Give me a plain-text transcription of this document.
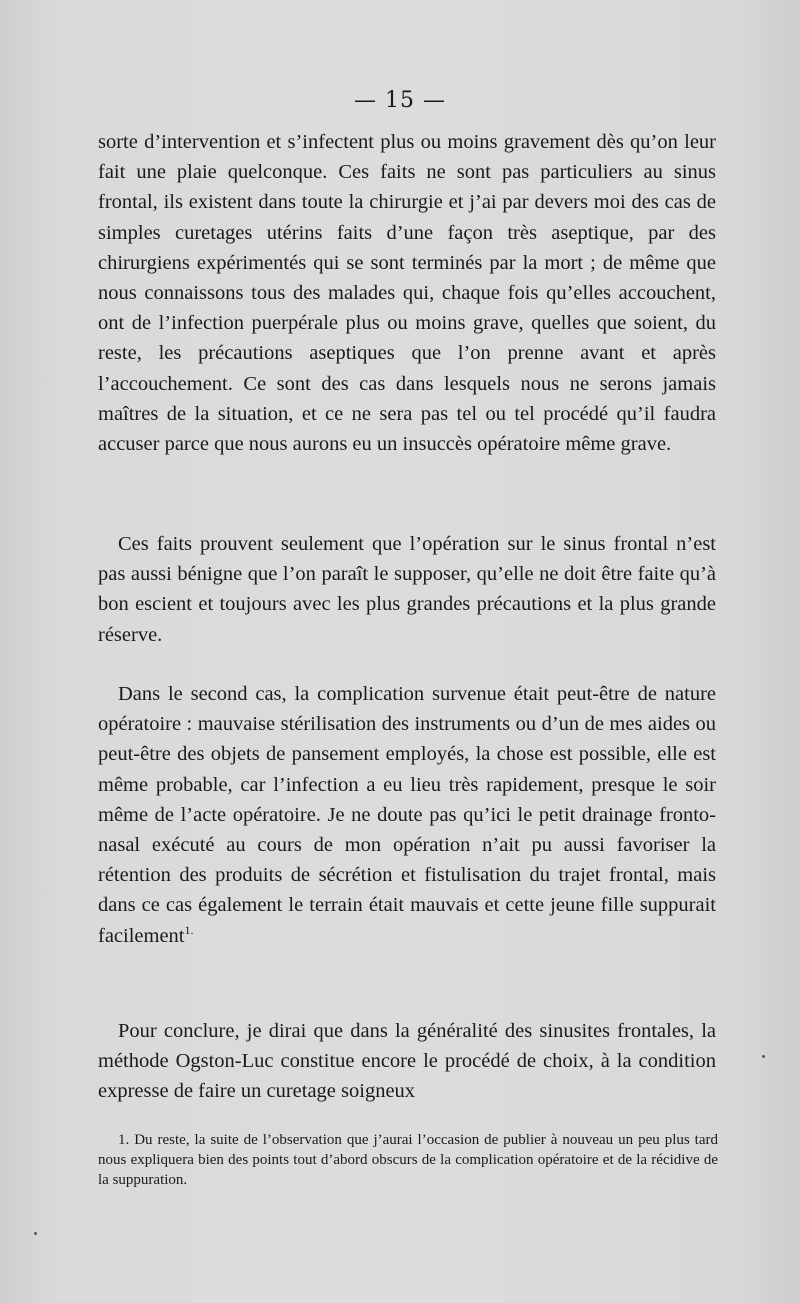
— 15 —

sorte d’intervention et s’infectent plus ou moins gravement dès qu’on leur fait une plaie quelconque. Ces faits ne sont pas particuliers au sinus frontal, ils existent dans toute la chirurgie et j’ai par devers moi des cas de simples curetages utérins faits d’une façon très aseptique, par des chirurgiens expérimentés qui se sont terminés par la mort ; de même que nous connaissons tous des malades qui, chaque fois qu’elles accouchent, ont de l’infection puerpérale plus ou moins grave, quelles que soient, du reste, les précautions aseptiques que l’on prenne avant et après l’accouchement. Ce sont des cas dans lesquels nous ne serons jamais maîtres de la situation, et ce ne sera pas tel ou tel procédé qu’il faudra accuser parce que nous aurons eu un insuccès opératoire même grave.

Ces faits prouvent seulement que l’opération sur le sinus frontal n’est pas aussi bénigne que l’on paraît le supposer, qu’elle ne doit être faite qu’à bon escient et toujours avec les plus grandes précautions et la plus grande réserve.

Dans le second cas, la complication survenue était peut-être de nature opératoire : mauvaise stérilisation des instruments ou d’un de mes aides ou peut-être des objets de pansement employés, la chose est possible, elle est même probable, car l’infection a eu lieu très rapidement, presque le soir même de l’acte opératoire. Je ne doute pas qu’ici le petit drainage fronto-nasal exécuté au cours de mon opération n’ait pu aussi favoriser la rétention des produits de sécrétion et fistulisation du trajet frontal, mais dans ce cas également le terrain était mauvais et cette jeune fille suppurait facilement$^{1.}$

Pour conclure, je dirai que dans la généralité des sinusites frontales, la méthode Ogston-Luc constitue encore le procédé de choix, à la condition expresse de faire un curetage soigneux

1. Du reste, la suite de l’observation que j’aurai l’occasion de publier à nouveau un peu plus tard nous expliquera bien des points tout d’abord obscurs de la complication opératoire et de la récidive de la suppuration.
